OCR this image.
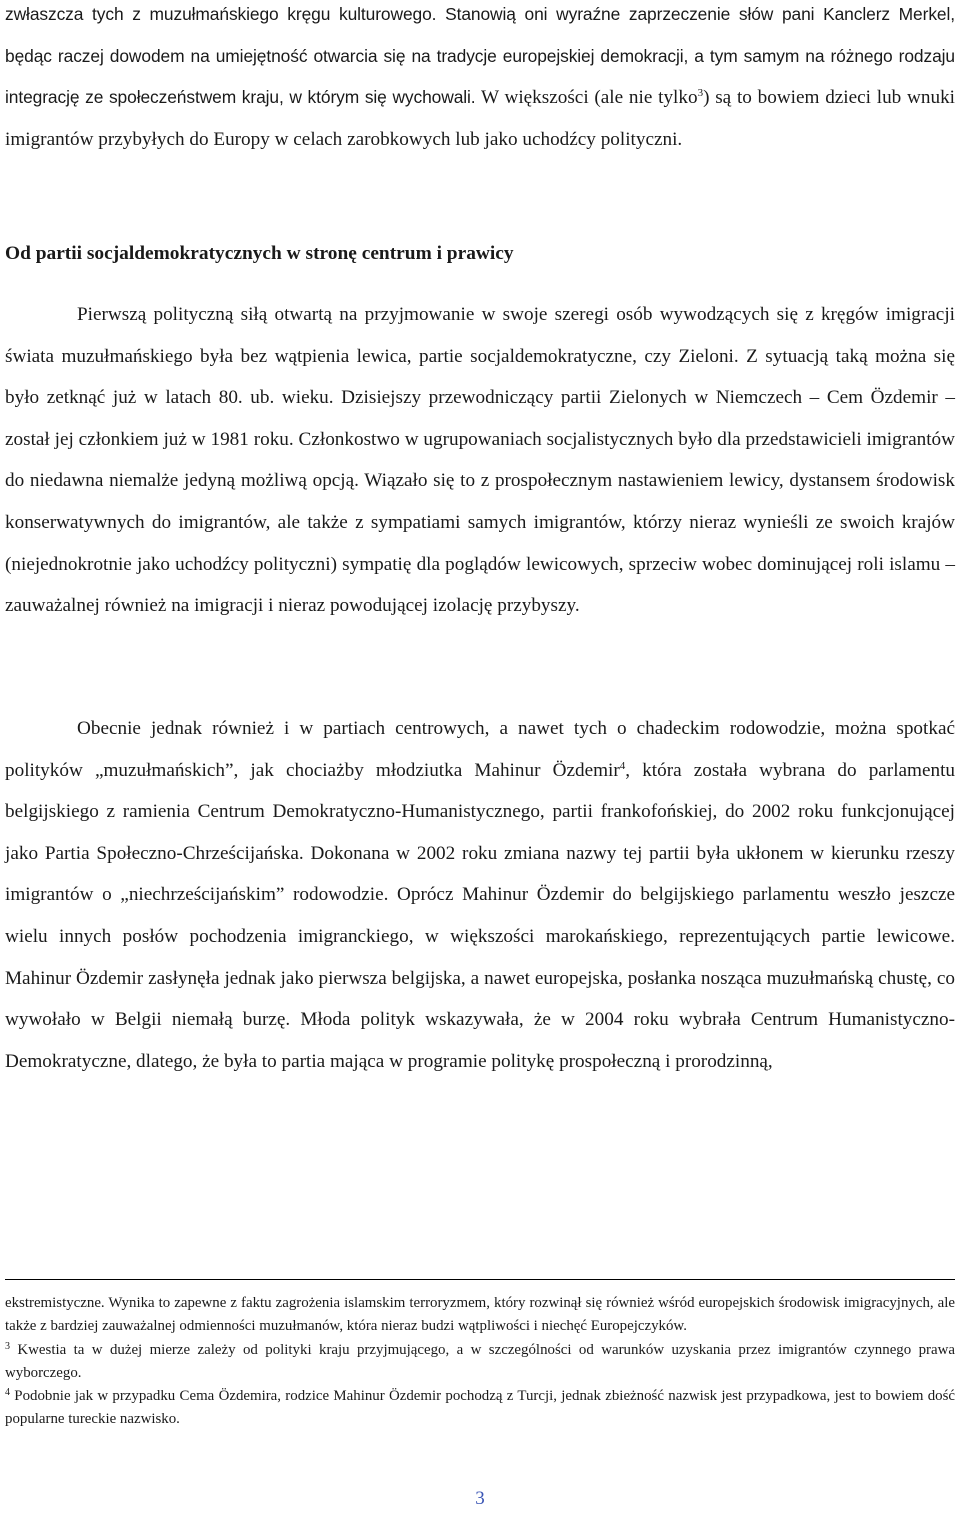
zwłaszcza tych z muzułmańskiego kręgu kulturowego. Stanowią oni wyraźne zaprzeczenie słów pani Kanclerz Merkel, będąc raczej dowodem na umiejętność otwarcia się na tradycje europejskiej demokracji, a tym samym na różnego rodzaju integrację ze społeczeństwem kraju, w którym się wychowali. W większości (ale nie tylko$^3$) są to bowiem dzieci lub wnuki imigrantów przybyłych do Europy w celach zarobkowych lub jako uchodźcy polityczni.

Pierwszą polityczną siłą otwartą na przyjmowanie w swoje szeregi osób wywodzących się z kręgów imigracji świata muzułmańskiego była bez wątpienia lewica, partie socjaldemokratyczne, czy Zieloni. Z sytuacją taką można się było zetknąć już w latach 80. ub. wieku. Dzisiejszy przewodniczący partii Zielonych w Niemczech – Cem Özdemir – został jej członkiem już w 1981 roku. Członkostwo w ugrupowaniach socjalistycznych było dla przedstawicieli imigrantów do niedawna niemalże jedyną możliwą opcją. Wiązało się to z prospołecznym nastawieniem lewicy, dystansem środowisk konserwatywnych do imigrantów, ale także z sympatiami samych imigrantów, którzy nieraz wynieśli ze swoich krajów (niejednokrotnie jako uchodźcy polityczni) sympatię dla poglądów lewicowych, sprzeciw wobec dominującej roli islamu – zauważalnej również na imigracji i nieraz powodującej izolację przybyszy.

Obecnie jednak również i w partiach centrowych, a nawet tych o chadeckim rodowodzie, można spotkać polityków „muzułmańskich”, jak chociażby młodziutka Mahinur Özdemir$^4$, która została wybrana do parlamentu belgijskiego z ramienia Centrum Demokratyczno-Humanistycznego, partii frankofońskiej, do 2002 roku funkcjonującej jako Partia Społeczno-Chrześcijańska. Dokonana w 2002 roku zmiana nazwy tej partii była ukłonem w kierunku rzeszy imigrantów o „niechrześcijańskim” rodowodzie. Oprócz Mahinur Özdemir do belgijskiego parlamentu weszło jeszcze wielu innych posłów pochodzenia imigranckiego, w większości marokańskiego, reprezentujących partie lewicowe. Mahinur Özdemir zasłynęła jednak jako pierwsza belgijska, a nawet europejska, posłanka nosząca muzułmańską chustę, co wywołało w Belgii niemałą burzę. Młoda polityk wskazywała, że w 2004 roku wybrała Centrum Humanistyczno-Demokratyczne, dlatego, że była to partia mająca w programie politykę prospołeczną i prorodzinną,

Od partii socjaldemokratycznych w stronę centrum i prawicy

ekstremistyczne. Wynika to zapewne z faktu zagrożenia islamskim terroryzmem, który rozwinął się również wśród europejskich środowisk imigracyjnych, ale także z bardziej zauważalnej odmienności muzułmanów, która nieraz budzi wątpliwości i niechęć Europejczyków.

$^3$ Kwestia ta w dużej mierze zależy od polityki kraju przyjmującego, a w szczególności od warunków uzyskania przez imigrantów czynnego prawa wyborczego.

$^4$ Podobnie jak w przypadku Cema Özdemira, rodzice Mahinur Özdemir pochodzą z Turcji, jednak zbieżność nazwisk jest przypadkowa, jest to bowiem dość popularne tureckie nazwisko.

3
